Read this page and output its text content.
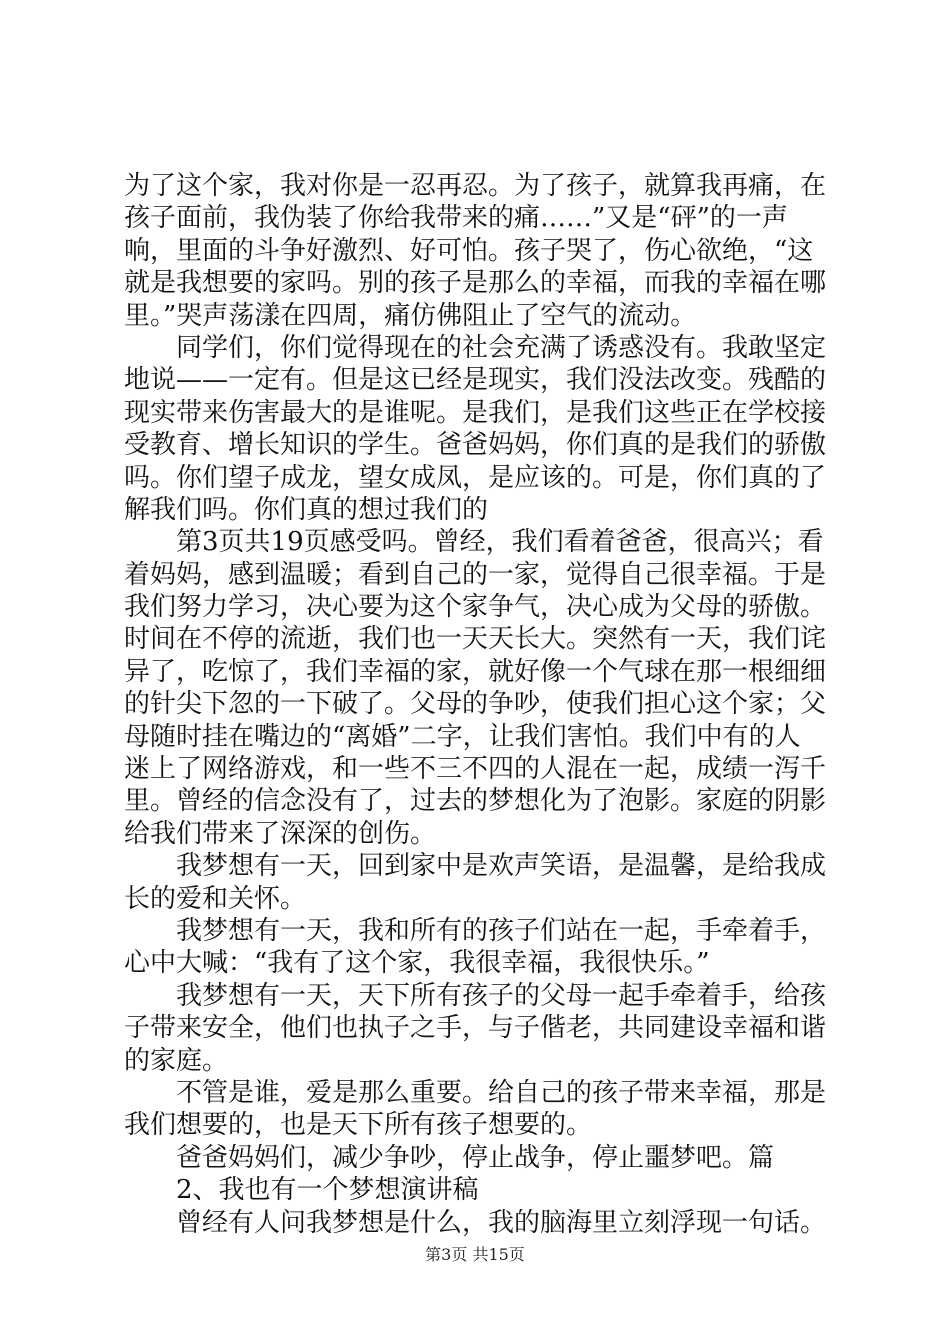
为了这个家，我对你是一忍再忍。为了孩子，就算我再痛，在
孩子面前，我伪装了你给我带来的痛……”又是“砰”的一声
响，里面的斗争好激烈、好可怕。孩子哭了，伤心欲绝，“这
就是我想要的家吗。别的孩子是那么的幸福，而我的幸福在哪
里。”哭声荡漾在四周，痛仿佛阻止了空气的流动。
同学们，你们觉得现在的社会充满了诱惑没有。我敢坚定
地说——一定有。但是这已经是现实，我们没法改变。残酷的
现实带来伤害最大的是谁呢。是我们，是我们这些正在学校接
受教育、增长知识的学生。爸爸妈妈，你们真的是我们的骄傲
吗。你们望子成龙，望女成凤，是应该的。可是，你们真的了
解我们吗。你们真的想过我们的
第3页共19页感受吗。曾经，我们看着爸爸，很高兴；看
着妈妈，感到温暖；看到自己的一家，觉得自己很幸福。于是
我们努力学习，决心要为这个家争气，决心成为父母的骄傲。
时间在不停的流逝，我们也一天天长大。突然有一天，我们诧
异了，吃惊了，我们幸福的家，就好像一个气球在那一根细细
的针尖下忽的一下破了。父母的争吵，使我们担心这个家；父
母随时挂在嘴边的“离婚”二字，让我们害怕。我们中有的人
迷上了网络游戏，和一些不三不四的人混在一起，成绩一泻千
里。曾经的信念没有了，过去的梦想化为了泡影。家庭的阴影
给我们带来了深深的创伤。
我梦想有一天，回到家中是欢声笑语，是温馨，是给我成
长的爱和关怀。
我梦想有一天，我和所有的孩子们站在一起，手牵着手，
心中大喊：“我有了这个家，我很幸福，我很快乐。”
我梦想有一天，天下所有孩子的父母一起手牵着手，给孩
子带来安全，他们也执子之手，与子偕老，共同建设幸福和谐
的家庭。
不管是谁，爱是那么重要。给自己的孩子带来幸福，那是
我们想要的，也是天下所有孩子想要的。
爸爸妈妈们，减少争吵，停止战争，停止噩梦吧。篇
2、我也有一个梦想演讲稿
曾经有人问我梦想是什么，我的脑海里立刻浮现一句话。
第3页 共15页
